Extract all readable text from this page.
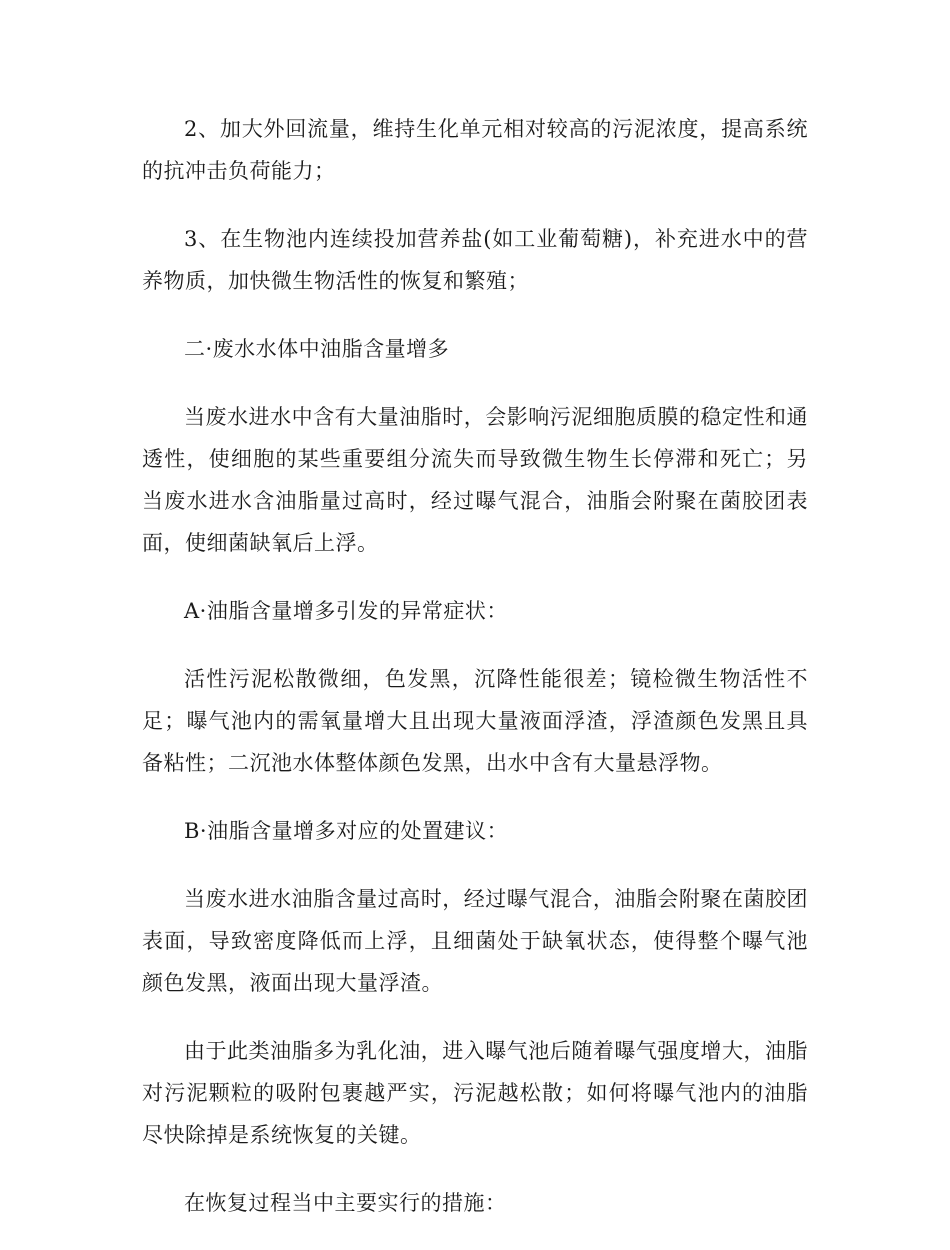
2、加大外回流量，维持生化单元相对较高的污泥浓度，提高系统的抗冲击负荷能力；

3、在生物池内连续投加营养盐(如工业葡萄糖)，补充进水中的营养物质，加快微生物活性的恢复和繁殖；

二·废水水体中油脂含量增多

当废水进水中含有大量油脂时，会影响污泥细胞质膜的稳定性和通透性，使细胞的某些重要组分流失而导致微生物生长停滞和死亡；另当废水进水含油脂量过高时，经过曝气混合，油脂会附聚在菌胶团表面，使细菌缺氧后上浮。

A·油脂含量增多引发的异常症状：

活性污泥松散微细，色发黑，沉降性能很差；镜检微生物活性不足；曝气池内的需氧量增大且出现大量液面浮渣，浮渣颜色发黑且具备粘性；二沉池水体整体颜色发黑，出水中含有大量悬浮物。

B·油脂含量增多对应的处置建议：

当废水进水油脂含量过高时，经过曝气混合，油脂会附聚在菌胶团表面，导致密度降低而上浮，且细菌处于缺氧状态，使得整个曝气池颜色发黑，液面出现大量浮渣。

由于此类油脂多为乳化油，进入曝气池后随着曝气强度增大，油脂对污泥颗粒的吸附包裹越严实，污泥越松散；如何将曝气池内的油脂尽快除掉是系统恢复的关键。

在恢复过程当中主要实行的措施：
